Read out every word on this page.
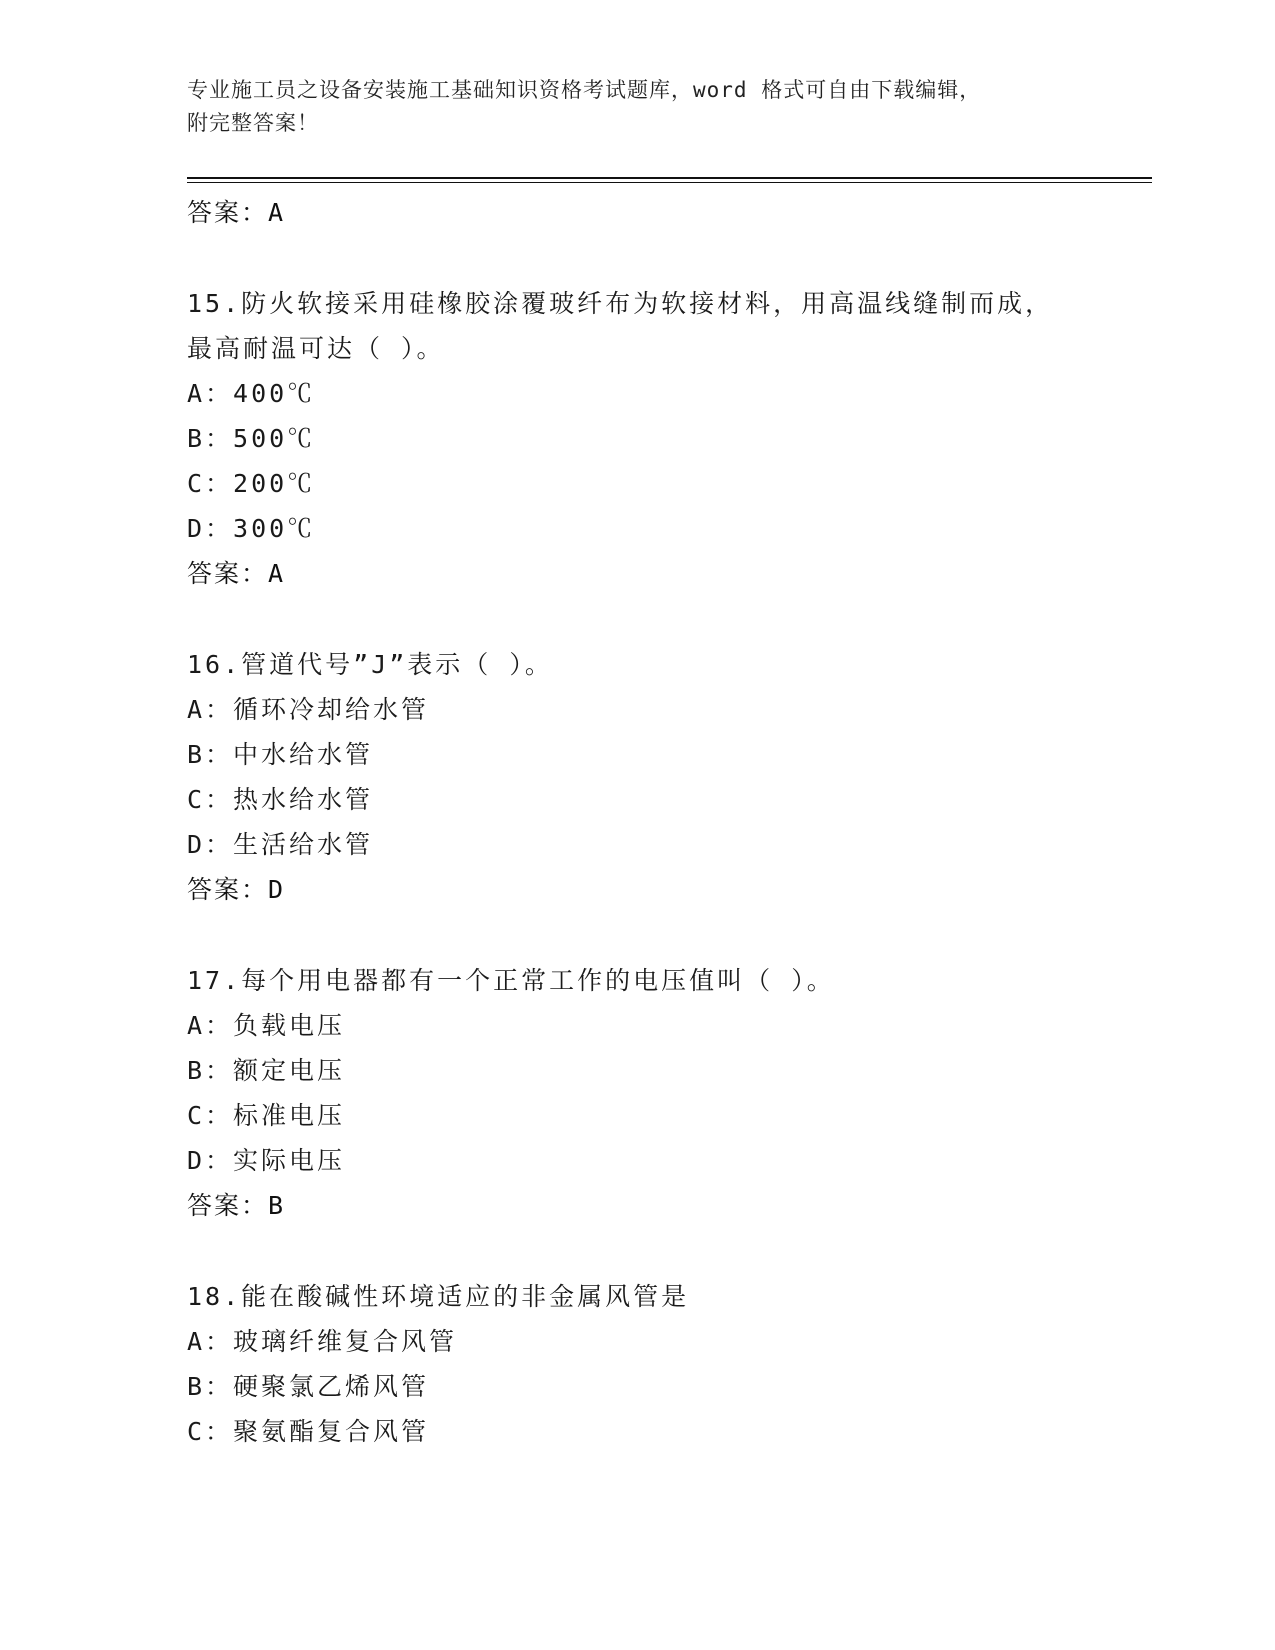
专业施工员之设备安装施工基础知识资格考试题库，word 格式可自由下载编辑，
附完整答案！
答案：A
15.防火软接采用硅橡胶涂覆玻纤布为软接材料，用高温线缝制而成，
最高耐温可达（ ）。
A：400℃
B：500℃
C：200℃
D：300℃
答案：A
16.管道代号”J”表示（ ）。
A：循环冷却给水管
B：中水给水管
C：热水给水管
D：生活给水管
答案：D
17.每个用电器都有一个正常工作的电压值叫（ ）。
A：负载电压
B：额定电压
C：标准电压
D：实际电压
答案：B
18.能在酸碱性环境适应的非金属风管是
A：玻璃纤维复合风管
B：硬聚氯乙烯风管
C：聚氨酯复合风管
